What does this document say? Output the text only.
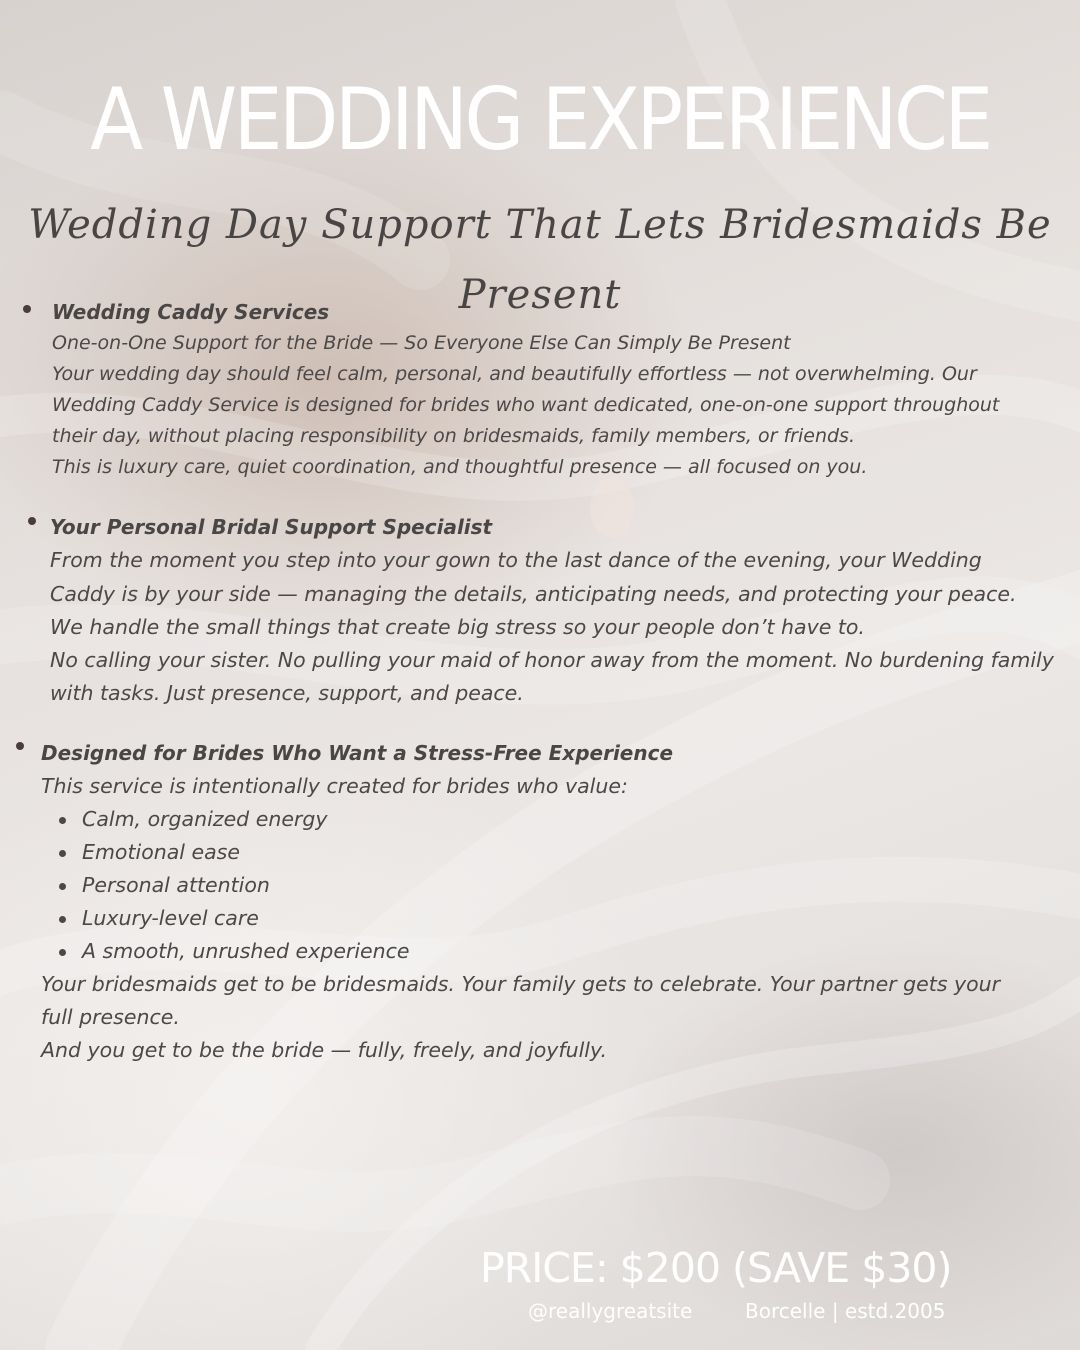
A WEDDING EXPERIENCE
Wedding Day Support That Lets Bridesmaids Be Present
Wedding Caddy Services
One-on-One Support for the Bride — So Everyone Else Can Simply Be Present
Your wedding day should feel calm, personal, and beautifully effortless — not overwhelming. Our
Wedding Caddy Service is designed for brides who want dedicated, one-on-one support throughout
their day, without placing responsibility on bridesmaids, family members, or friends.
This is luxury care, quiet coordination, and thoughtful presence — all focused on you.
Your Personal Bridal Support Specialist
From the moment you step into your gown to the last dance of the evening, your Wedding
Caddy is by your side — managing the details, anticipating needs, and protecting your peace.
We handle the small things that create big stress so your people don’t have to.
No calling your sister. No pulling your maid of honor away from the moment. No burdening family
with tasks. Just presence, support, and peace.
Designed for Brides Who Want a Stress-Free Experience
This service is intentionally created for brides who value:
Calm, organized energy
Emotional ease
Personal attention
Luxury-level care
A smooth, unrushed experience
Your bridesmaids get to be bridesmaids. Your family gets to celebrate. Your partner gets your
full presence.
And you get to be the bride — fully, freely, and joyfully.
PRICE: $200 (SAVE $30)
@reallygreatsite	Borcelle | estd.2005
